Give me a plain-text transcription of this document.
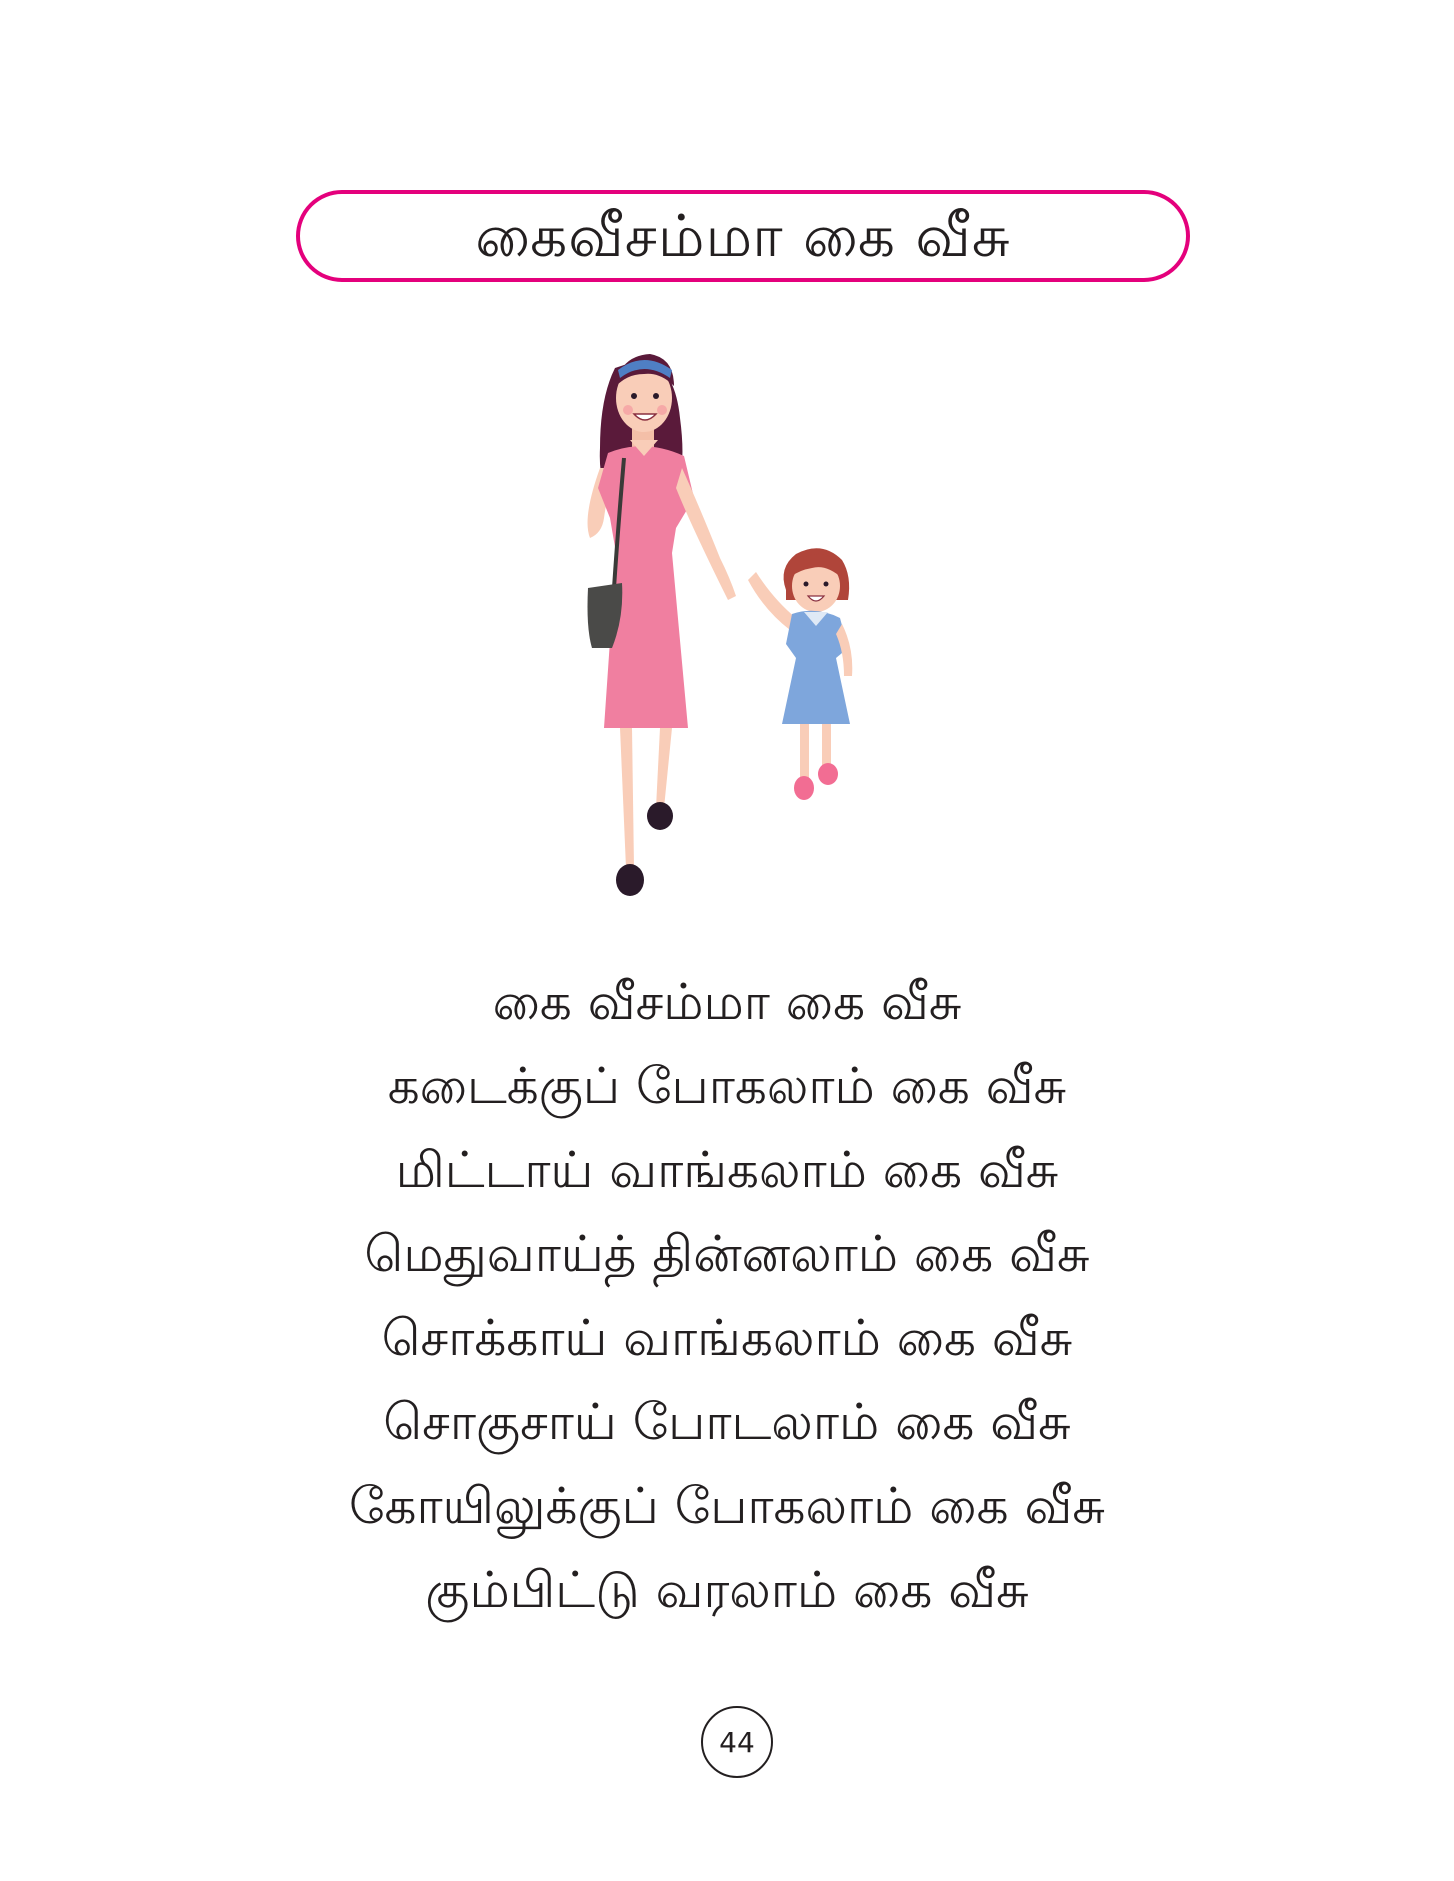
கைவீசம்மா கை வீசு
கை வீசம்மா கை வீசு
கடைக்குப் போகலாம் கை வீசு
மிட்டாய் வாங்கலாம் கை வீசு
மெதுவாய்த் தின்னலாம் கை வீசு
சொக்காய் வாங்கலாம் கை வீசு
சொகுசாய் போடலாம் கை வீசு
கோயிலுக்குப் போகலாம் கை வீசு
கும்பிட்டு வரலாம் கை வீசு
44
